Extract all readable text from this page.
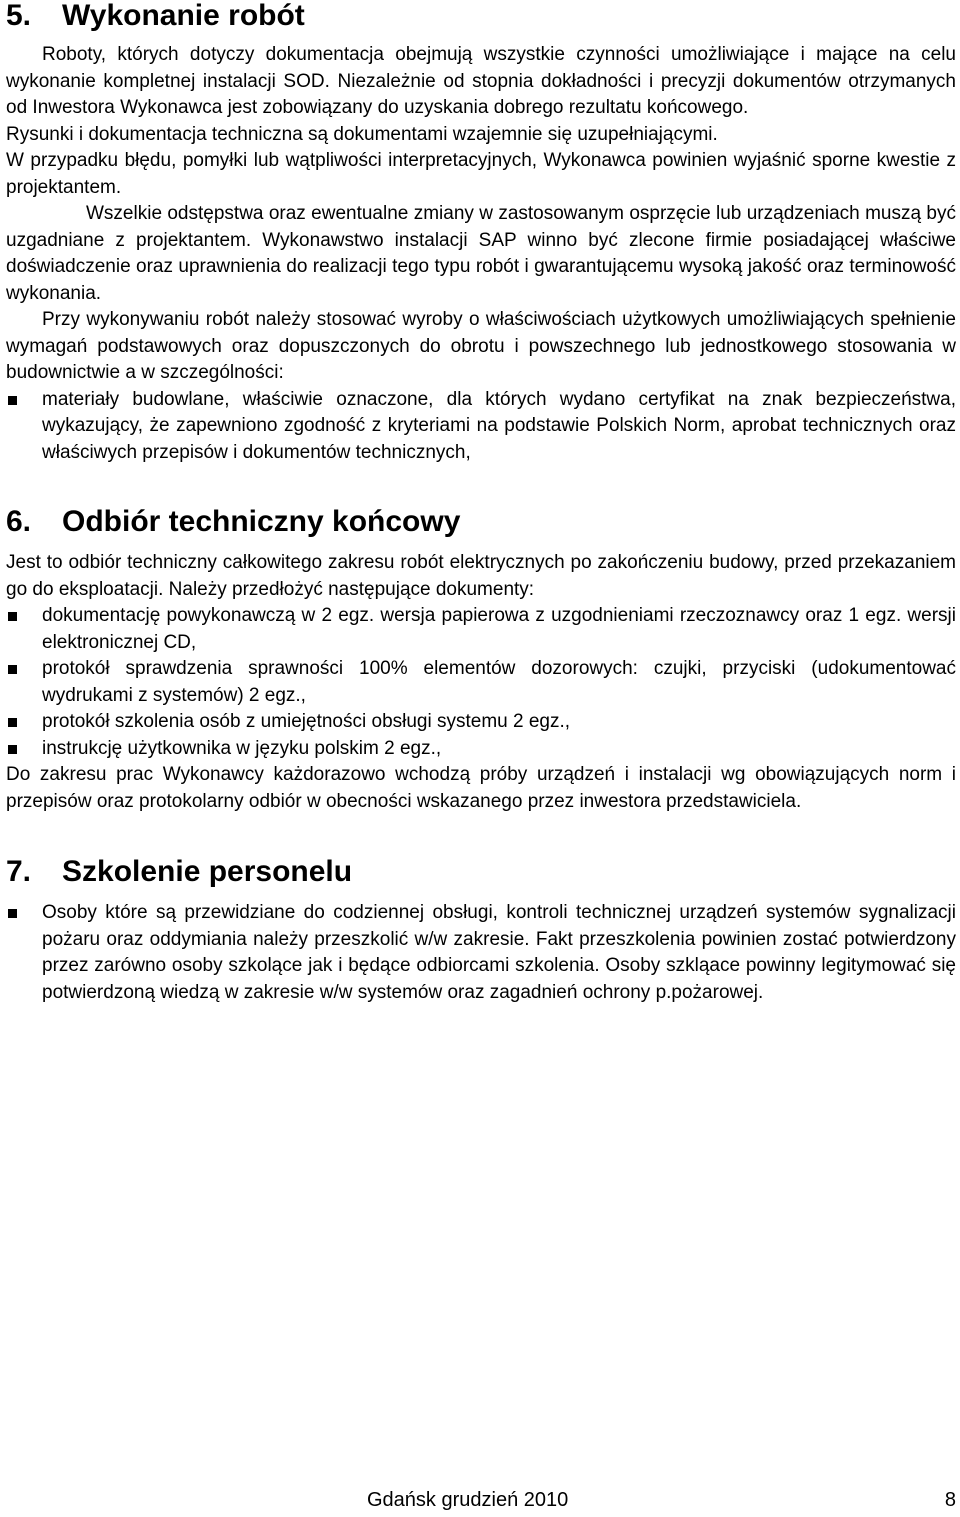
5.	Wykonanie robót

Roboty, których dotyczy dokumentacja obejmują wszystkie czynności umożliwiające i mające na celu wykonanie kompletnej instalacji SOD. Niezależnie od stopnia dokładności i precyzji dokumentów otrzymanych od Inwestora Wykonawca jest zobowiązany do uzyskania dobrego rezultatu końcowego.

Rysunki i dokumentacja techniczna są dokumentami wzajemnie się uzupełniającymi.

W przypadku błędu, pomyłki lub wątpliwości interpretacyjnych, Wykonawca powinien wyjaśnić sporne kwestie z projektantem.

Wszelkie odstępstwa oraz ewentualne zmiany w zastosowanym osprzęcie lub urządzeniach muszą być uzgadniane z projektantem. Wykonawstwo instalacji SAP winno być zlecone firmie posiadającej właściwe doświadczenie oraz uprawnienia do realizacji tego typu robót i gwarantującemu wysoką jakość oraz terminowość wykonania.

Przy wykonywaniu robót należy stosować wyroby o właściwościach użytkowych umożliwiających spełnienie wymagań podstawowych oraz dopuszczonych do obrotu i powszechnego lub jednostkowego stosowania w budownictwie a w szczególności:

materiały budowlane, właściwie oznaczone, dla których wydano certyfikat na znak bezpieczeństwa, wykazujący, że zapewniono zgodność z kryteriami na podstawie Polskich Norm, aprobat technicznych oraz właściwych przepisów i dokumentów technicznych,
6.	Odbiór techniczny końcowy

Jest to odbiór techniczny całkowitego zakresu robót elektrycznych po zakończeniu budowy, przed przekazaniem go do eksploatacji. Należy przedłożyć następujące dokumenty:

dokumentację powykonawczą w 2 egz. wersja papierowa z uzgodnieniami rzeczoznawcy oraz 1 egz. wersji elektronicznej CD,
protokół sprawdzenia sprawności 100% elementów dozorowych: czujki, przyciski (udokumentować wydrukami z systemów) 2 egz.,
protokół szkolenia osób z umiejętności obsługi systemu 2 egz.,
instrukcję użytkownika w języku polskim 2 egz.,

Do zakresu prac Wykonawcy każdorazowo wchodzą próby urządzeń i instalacji wg obowiązujących norm i przepisów oraz protokolarny odbiór w obecności wskazanego przez inwestora przedstawiciela.

7.	Szkolenie personelu
Osoby które są przewidziane do codziennej obsługi, kontroli technicznej urządzeń systemów sygnalizacji pożaru oraz oddymiania należy przeszkolić w/w zakresie. Fakt przeszkolenia powinien zostać potwierdzony przez zarówno osoby szkolące jak i będące odbiorcami szkolenia. Osoby szkląace powinny legitymować się potwierdzoną wiedzą w zakresie w/w systemów oraz zagadnień ochrony p.pożarowej.
Gdańsk grudzień 2010	8
